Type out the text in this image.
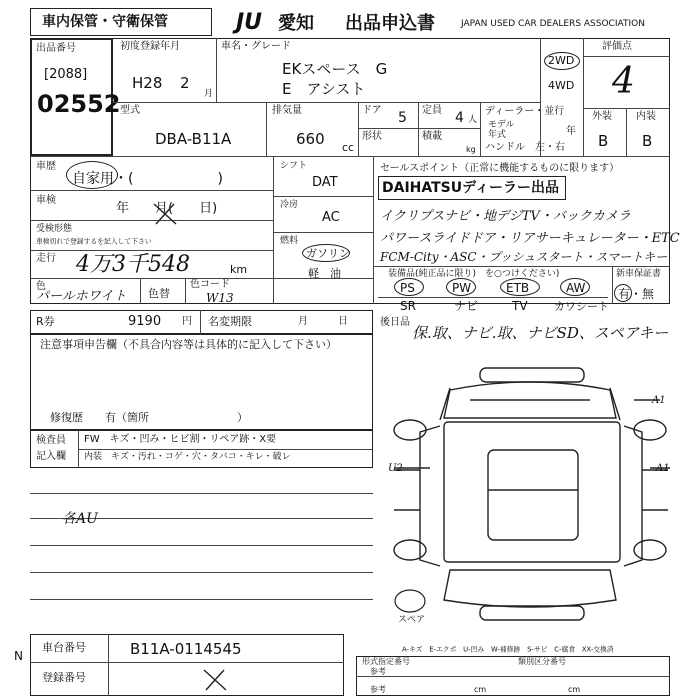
車内保管・守衛保管	JU 愛知 出品申込書	JAPAN USED CAR DEALERS ASSOCIATION
出品番号
[2088]
02552
初度登録年月
H28 2
月
車名・グレード
EKスペース　G
E　アシスト
2WD
4WD
評価点
4
型式
DBA-B11A
排気量
660 cc
ドア 5 定員 4 人
形状	積載
kg
ディーラー・並行
モデル
年式	年
ハンドル　左・右
外装 内装
B B
車歴
自家用・(　　　　　　)
車検
年　　月(　　日)
受検形態
車検切れで登録するを記入して下さい
走行 4万3千548	km
色
パールホワイト 色替
色コード
W13
シフト
DAT
冷房
AC
燃料
ガソリン
軽　油
セールスポイント（正常に機能するものに限ります）
DAIHATSUディーラー出品
イクリプスナビ・地デジTV・バックカメラ
パワースライドドア・リアサーキュレーター・ETC
FCM-City・ASC・プッシュスタート・スマートキー
装備品(純正品に限り)　を○つけください)	新車保証書
有・無
PS	PW	ETB	AW
SR	ナビ	TV カワシート
R券	9190 円 名変期限	月　　　日
注意事項申告欄（不具合内容等は具体的に記入して下さい）
修復歴　　有（箇所　　　　　　　　）
検査員
記入欄
FW　キズ・凹み・ヒビ割・リペア跡・X要
内装　キズ・汚れ・コゲ・穴・タバコ・キレ・破レ
各AU
後日品
保.取、ナビ.取、ナビSD、スペアキー
A1
A1
U2
スペア
A-キズ　E-エクボ　U-凹み　W-補修跡　S-サビ　C-腐食　XX-交換済
形式指定番号	類別区分番号
参考
参考	cm	cm
車台番号	B11A-0114545
登録番号
N
